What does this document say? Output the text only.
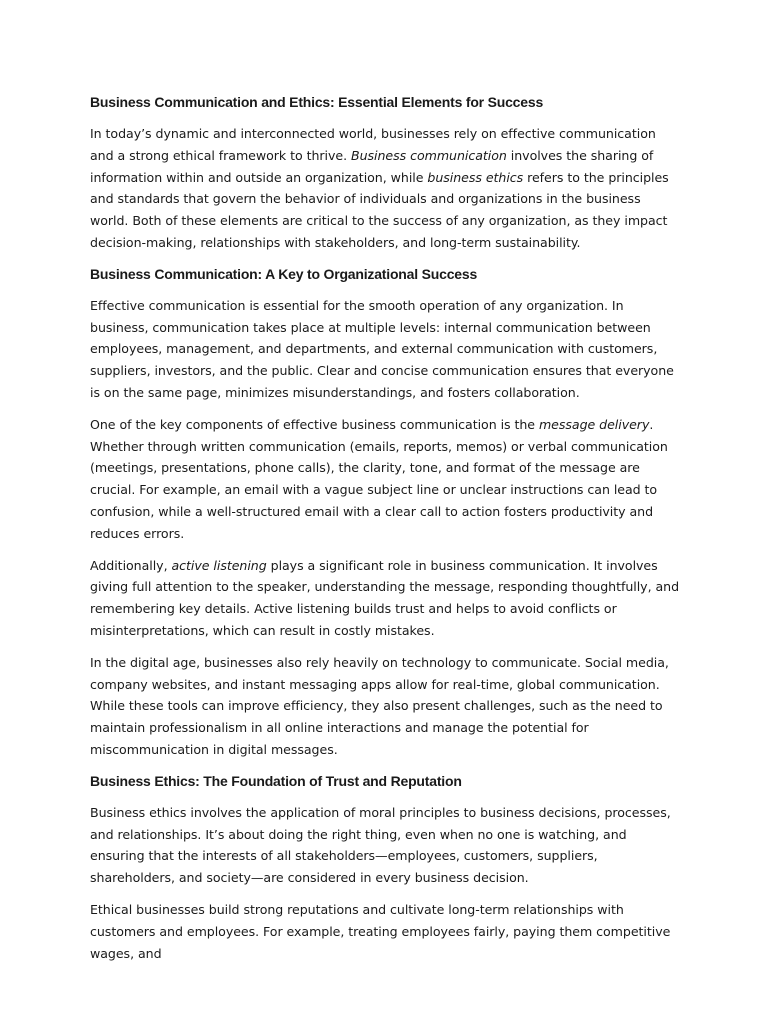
Business Communication and Ethics: Essential Elements for Success

In today’s dynamic and interconnected world, businesses rely on effective communication and a strong ethical framework to thrive. Business communication involves the sharing of information within and outside an organization, while business ethics refers to the principles and standards that govern the behavior of individuals and organizations in the business world. Both of these elements are critical to the success of any organization, as they impact decision-making, relationships with stakeholders, and long-term sustainability.

Business Communication: A Key to Organizational Success

Effective communication is essential for the smooth operation of any organization. In business, communication takes place at multiple levels: internal communication between employees, management, and departments, and external communication with customers, suppliers, investors, and the public. Clear and concise communication ensures that everyone is on the same page, minimizes misunderstandings, and fosters collaboration.

One of the key components of effective business communication is the message delivery. Whether through written communication (emails, reports, memos) or verbal communication (meetings, presentations, phone calls), the clarity, tone, and format of the message are crucial. For example, an email with a vague subject line or unclear instructions can lead to confusion, while a well-structured email with a clear call to action fosters productivity and reduces errors.

Additionally, active listening plays a significant role in business communication. It involves giving full attention to the speaker, understanding the message, responding thoughtfully, and remembering key details. Active listening builds trust and helps to avoid conflicts or misinterpretations, which can result in costly mistakes.

In the digital age, businesses also rely heavily on technology to communicate. Social media, company websites, and instant messaging apps allow for real-time, global communication. While these tools can improve efficiency, they also present challenges, such as the need to maintain professionalism in all online interactions and manage the potential for miscommunication in digital messages.

Business Ethics: The Foundation of Trust and Reputation

Business ethics involves the application of moral principles to business decisions, processes, and relationships. It’s about doing the right thing, even when no one is watching, and ensuring that the interests of all stakeholders—employees, customers, suppliers, shareholders, and society—are considered in every business decision.

Ethical businesses build strong reputations and cultivate long-term relationships with customers and employees. For example, treating employees fairly, paying them competitive wages, and
